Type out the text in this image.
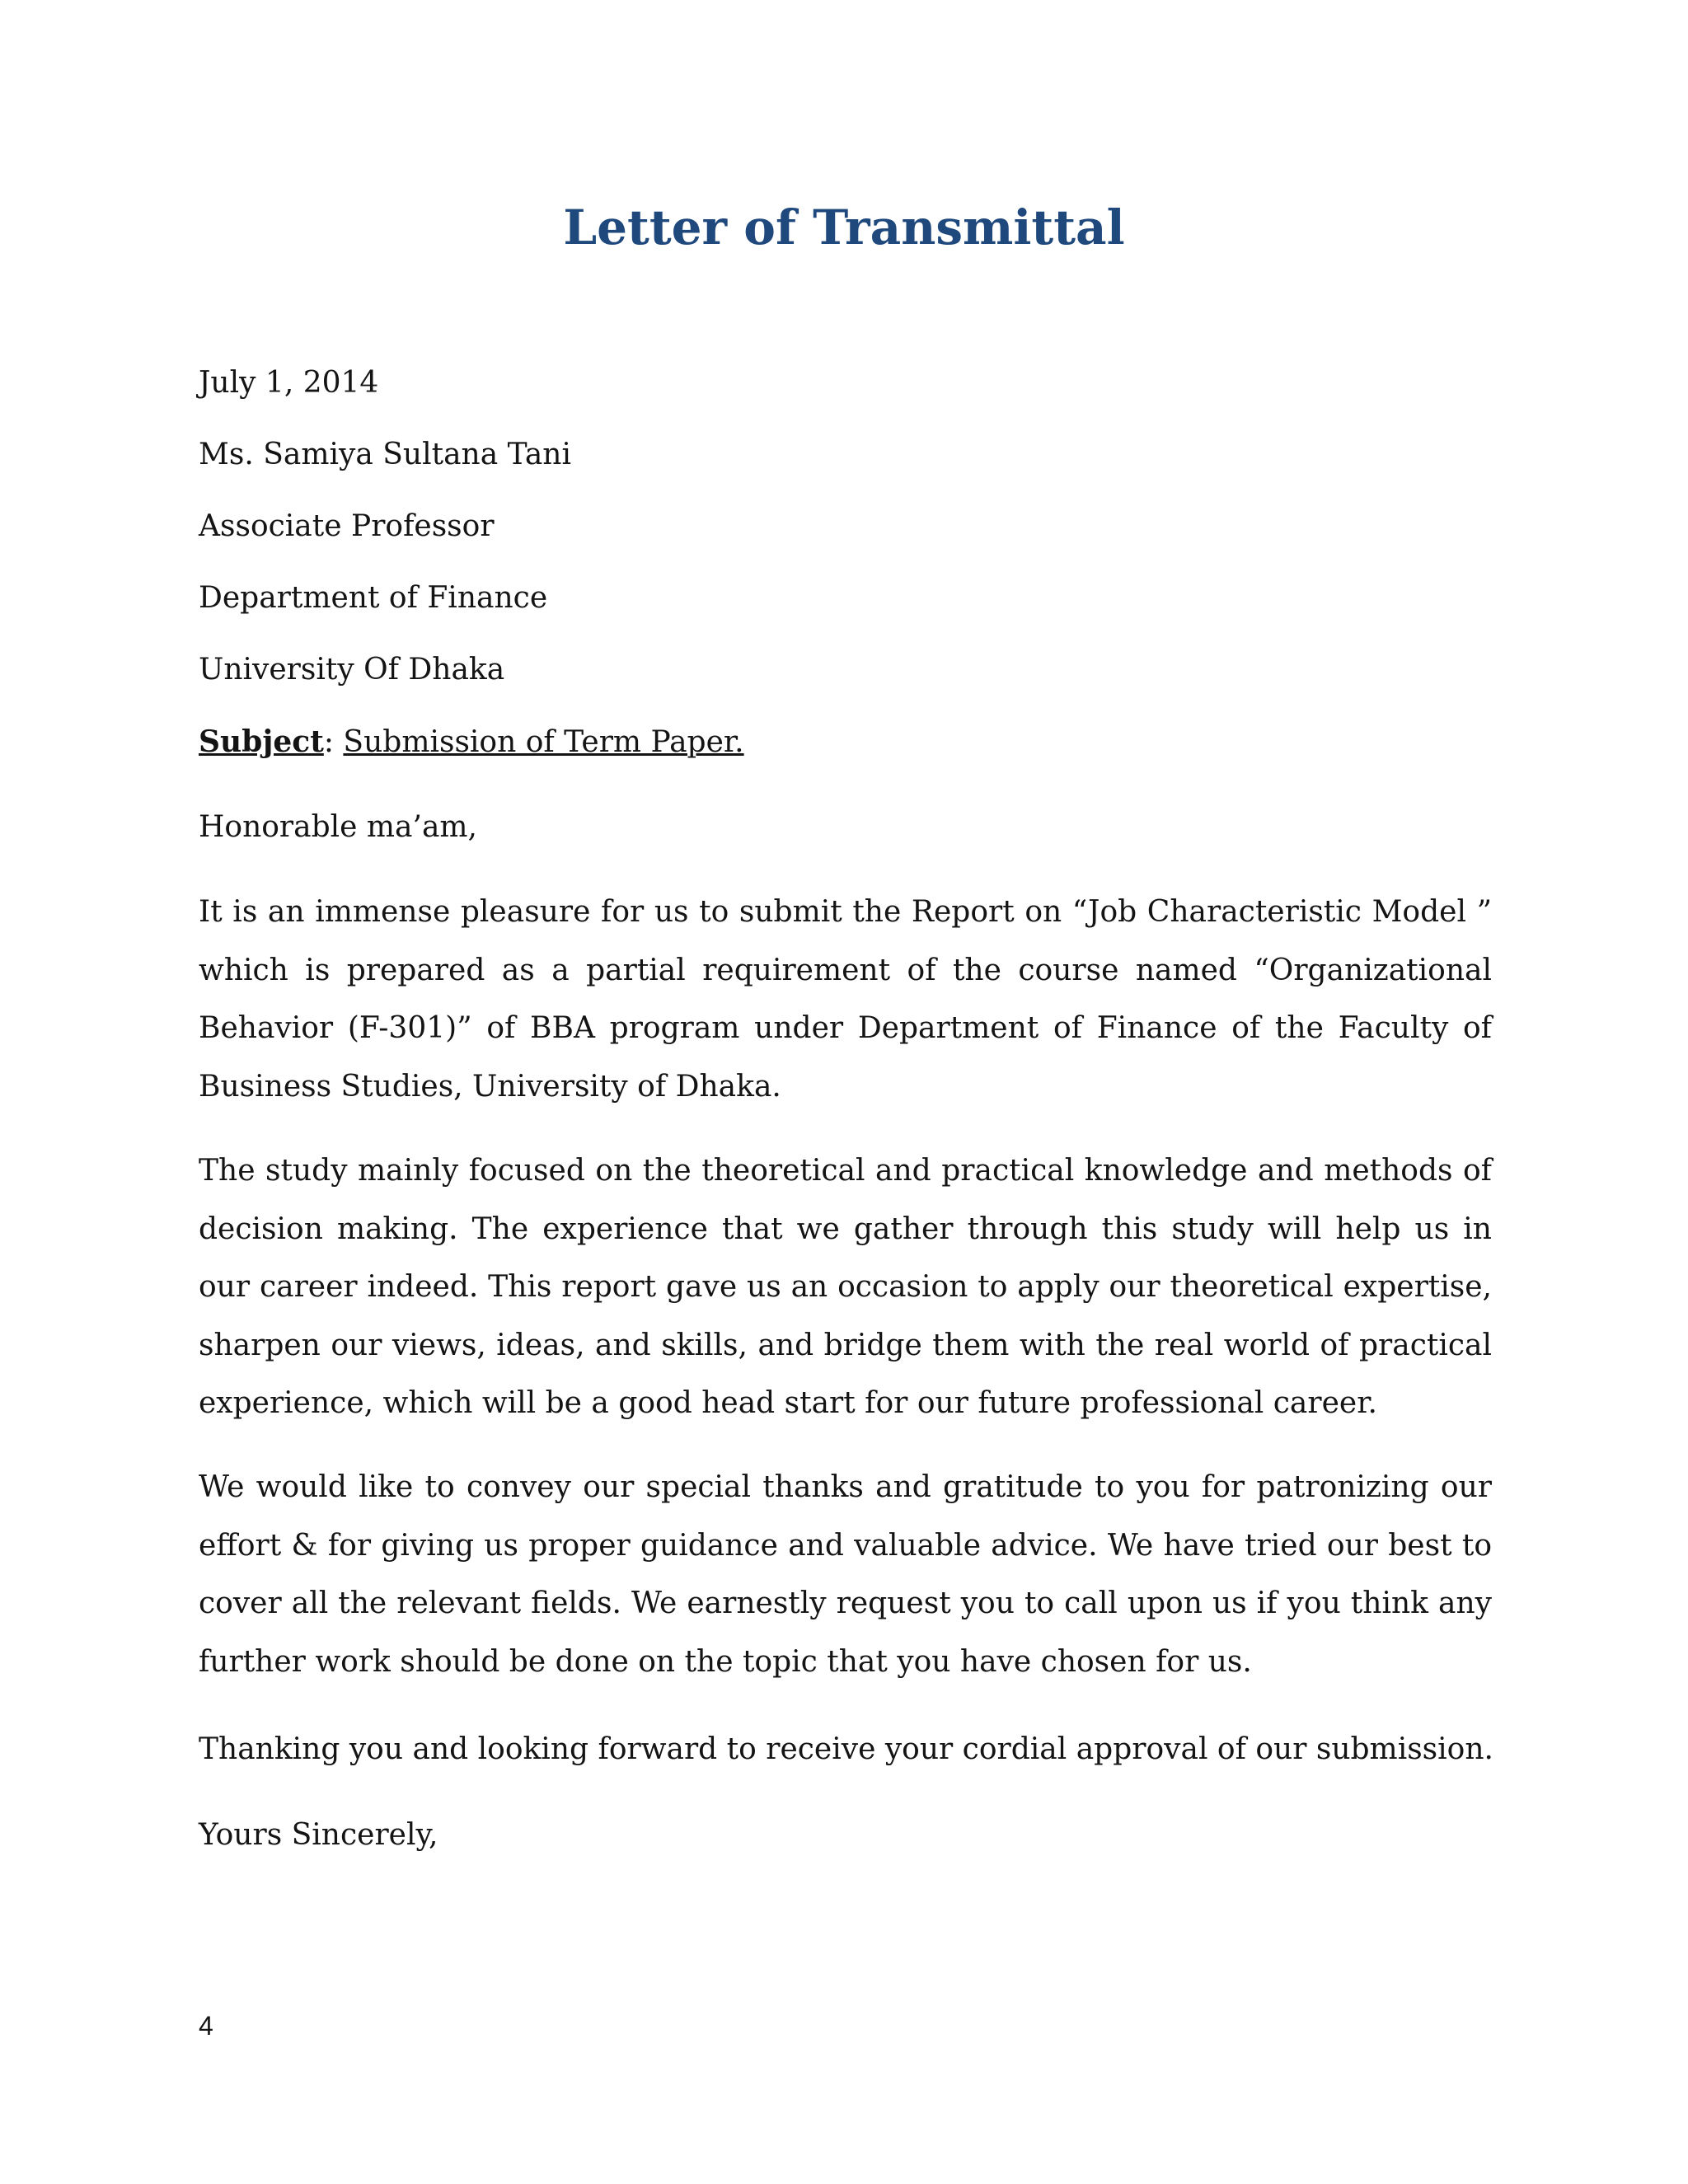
Letter of Transmittal
July 1, 2014
Ms. Samiya Sultana Tani
Associate Professor
Department of Finance
University Of Dhaka
Subject: Submission of Term Paper.
Honorable ma’am,
It is an immense pleasure for us to submit the Report on “Job Characteristic Model ” which is prepared as a partial requirement of the course named “Organizational Behavior (F-301)” of BBA program under Department of Finance of the Faculty of Business Studies, University of Dhaka.
The study mainly focused on the theoretical and practical knowledge and methods of decision making. The experience that we gather through this study will help us in our career indeed. This report gave us an occasion to apply our theoretical expertise, sharpen our views, ideas, and skills, and bridge them with the real world of practical experience, which will be a good head start for our future professional career.
We would like to convey our special thanks and gratitude to you for patronizing our effort & for giving us proper guidance and valuable advice. We have tried our best to cover all the relevant fields. We earnestly request you to call upon us if you think any further work should be done on the topic that you have chosen for us.
Thanking you and looking forward to receive your cordial approval of our submission.
Yours Sincerely,
4
